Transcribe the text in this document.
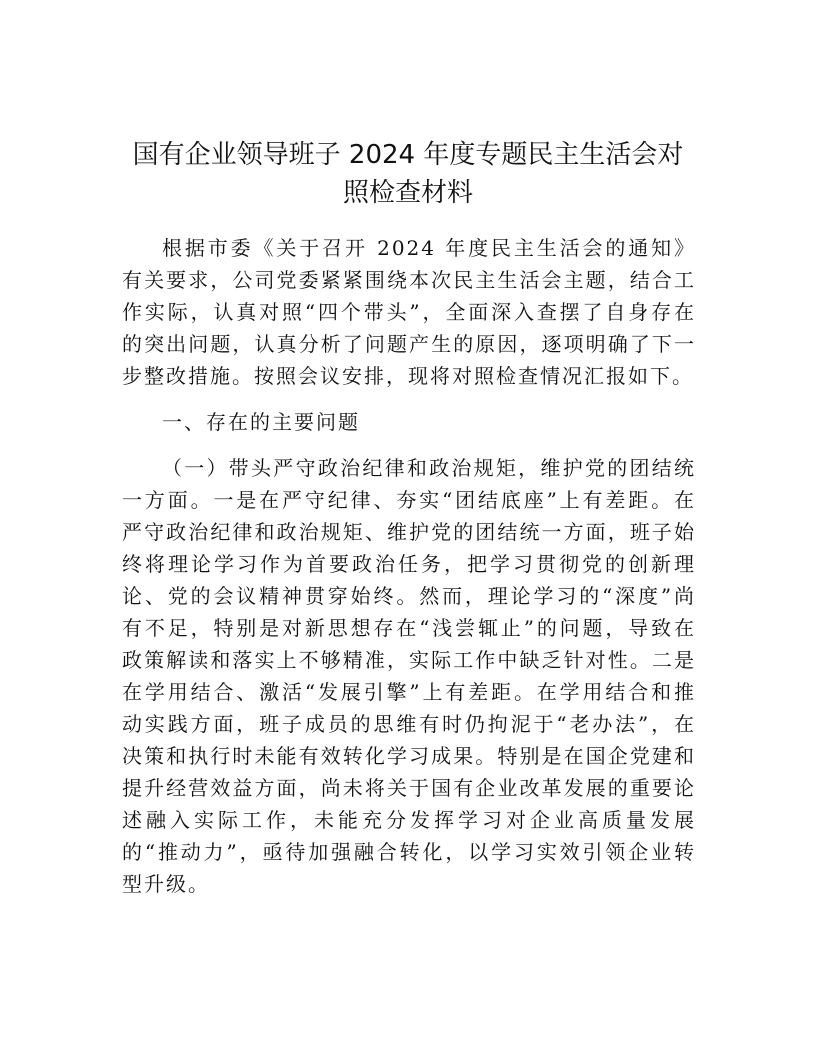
国有企业领导班子 2024 年度专题民主生活会对照检查材料

根据市委《关于召开 2024 年度民主生活会的通知》有关要求，公司党委紧紧围绕本次民主生活会主题，结合工作实际，认真对照“四个带头”，全面深入查摆了自身存在的突出问题，认真分析了问题产生的原因，逐项明确了下一步整改措施。按照会议安排，现将对照检查情况汇报如下。

一、存在的主要问题

（一）带头严守政治纪律和政治规矩，维护党的团结统一方面。一是在严守纪律、夯实“团结底座”上有差距。在严守政治纪律和政治规矩、维护党的团结统一方面，班子始终将理论学习作为首要政治任务，把学习贯彻党的创新理论、党的会议精神贯穿始终。然而，理论学习的“深度”尚有不足，特别是对新思想存在“浅尝辄止”的问题，导致在政策解读和落实上不够精准，实际工作中缺乏针对性。二是在学用结合、激活“发展引擎”上有差距。在学用结合和推动实践方面，班子成员的思维有时仍拘泥于“老办法”，在决策和执行时未能有效转化学习成果。特别是在国企党建和提升经营效益方面，尚未将关于国有企业改革发展的重要论述融入实际工作，未能充分发挥学习对企业高质量发展的“推动力”，亟待加强融合转化，以学习实效引领企业转型升级。
